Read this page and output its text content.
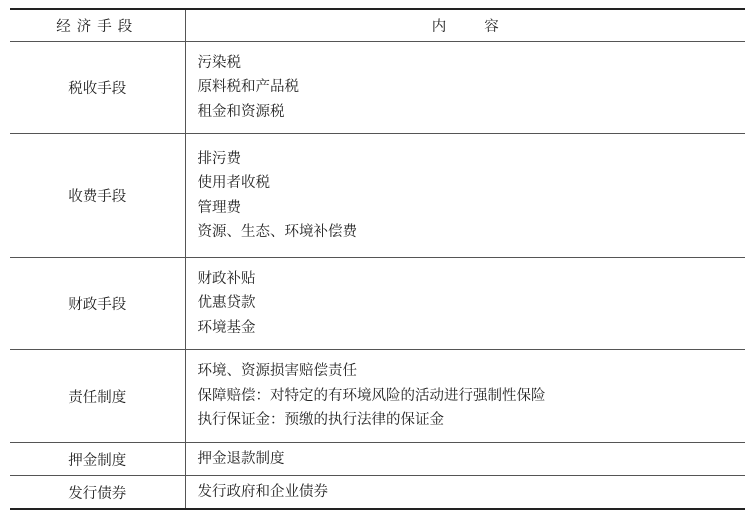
经济手段	内 容

税收手段	污染税
原料税和产品税
租金和资源税

收费手段	排污费
使用者收税
管理费
资源、生态、环境补偿费

财政手段	财政补贴
优惠贷款
环境基金

责任制度	环境、资源损害赔偿责任
保障赔偿：对特定的有环境风险的活动进行强制性保险
执行保证金：预缴的执行法律的保证金

押金制度	押金退款制度

发行债券	发行政府和企业债券
